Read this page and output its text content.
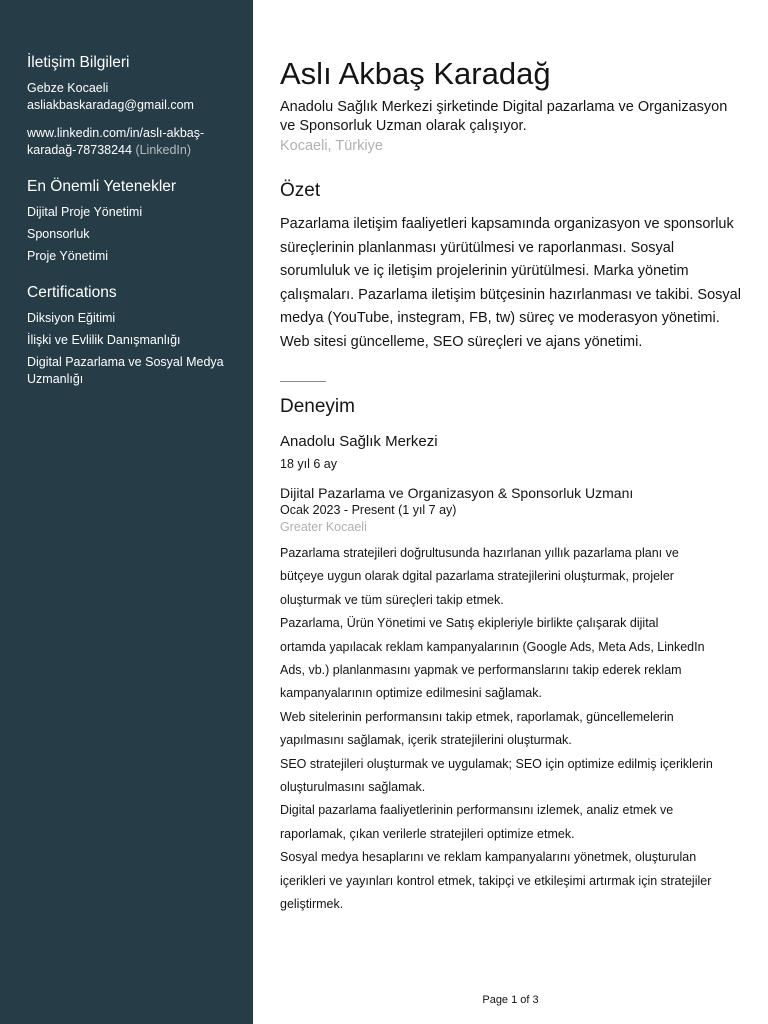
İletişim Bilgileri
Gebze Kocaeli
asliakbaskaradag@gmail.com
www.linkedin.com/in/aslı-akbaş-
karadağ-78738244 (LinkedIn)
En Önemli Yetenekler
Dijital Proje Yönetimi
Sponsorluk
Proje Yönetimi
Certifications
Diksiyon Eğitimi
İlişki ve Evlilik Danışmanlığı
Digital Pazarlama ve Sosyal Medya Uzmanlığı
Aslı Akbaş Karadağ
Anadolu Sağlık Merkezi şirketinde Digital pazarlama ve Organizasyon ve Sponsorluk Uzman olarak çalışıyor.
Kocaeli, Türkiye
Özet

Pazarlama iletişim faaliyetleri kapsamında organizasyon ve sponsorluk süreçlerinin planlanması yürütülmesi ve raporlanması. Sosyal sorumluluk ve iç iletişim projelerinin yürütülmesi. Marka yönetim çalışmaları. Pazarlama iletişim bütçesinin hazırlanması ve takibi. Sosyal medya (YouTube, instegram, FB, tw) süreç ve moderasyon yönetimi. Web sitesi güncelleme, SEO süreçleri ve ajans yönetimi.

Deneyim
Anadolu Sağlık Merkezi
18 yıl 6 ay
Dijital Pazarlama ve Organizasyon & Sponsorluk Uzmanı
Ocak 2023 - Present (1 yıl 7 ay)
Greater Kocaeli
Pazarlama stratejileri doğrultusunda hazırlanan yıllık pazarlama planı ve
bütçeye uygun olarak dgital pazarlama stratejilerini oluşturmak, projeler
oluşturmak ve tüm süreçleri takip etmek.
Pazarlama, Ürün Yönetimi ve Satış ekipleriyle birlikte çalışarak dijital
ortamda yapılacak reklam kampanyalarının (Google Ads, Meta Ads, LinkedIn
Ads, vb.) planlanmasını yapmak ve performanslarını takip ederek reklam
kampanyalarının optimize edilmesini sağlamak.
Web sitelerinin performansını takip etmek, raporlamak, güncellemelerin
yapılmasını sağlamak, içerik stratejilerini oluşturmak.
SEO stratejileri oluşturmak ve uygulamak; SEO için optimize edilmiş içeriklerin
oluşturulmasını sağlamak.
Digital pazarlama faaliyetlerinin performansını izlemek, analiz etmek ve
raporlamak, çıkan verilerle stratejileri optimize etmek.
Sosyal medya hesaplarını ve reklam kampanyalarını yönetmek, oluşturulan
içerikleri ve yayınları kontrol etmek, takipçi ve etkileşimi artırmak için stratejiler
geliştirmek.
Page 1 of 3
